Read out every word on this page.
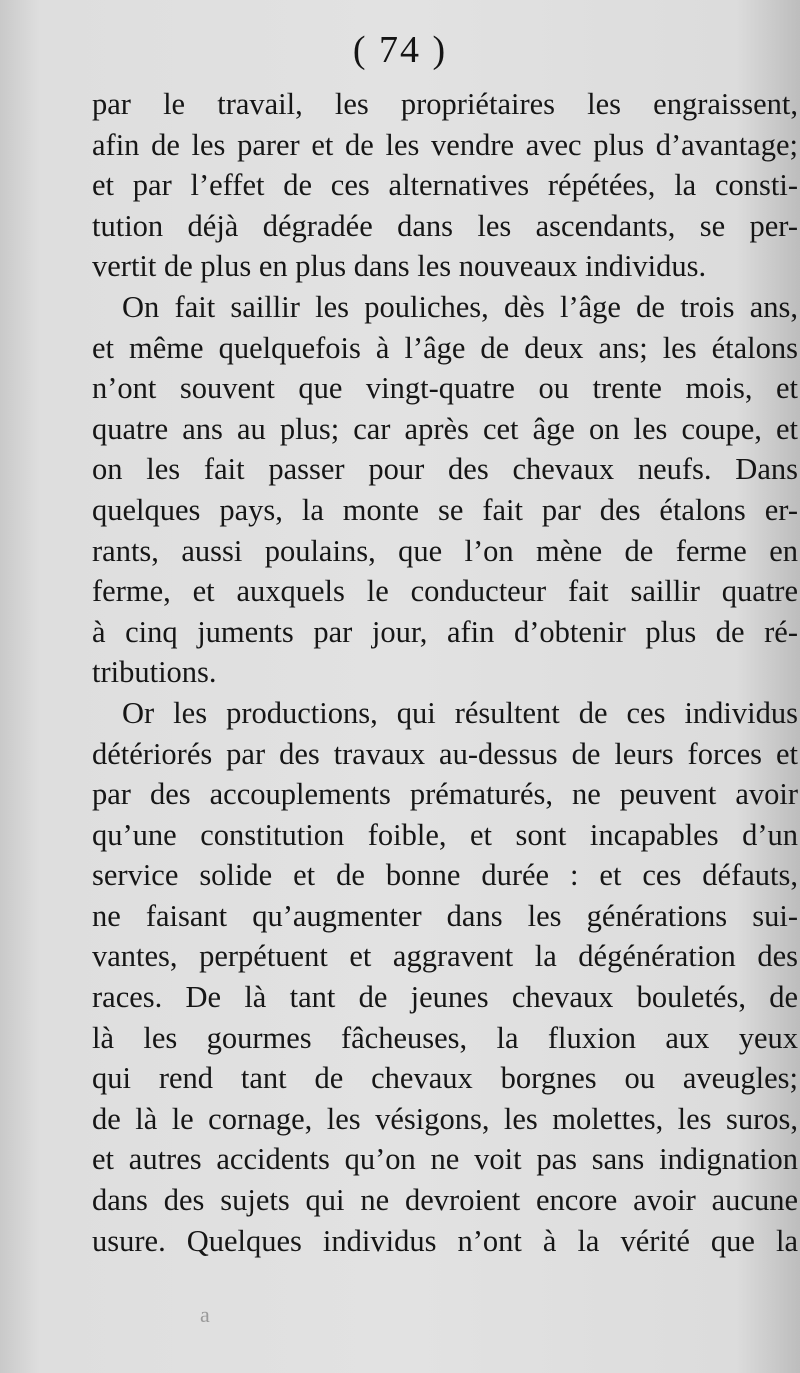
( 74 )
par le travail, les propriétaires les engraissent,
afin de les parer et de les vendre avec plus d’avantage;
et par l’effet de ces alternatives répétées, la consti-
tution déjà dégradée dans les ascendants, se per-
vertit de plus en plus dans les nouveaux individus.
On fait saillir les pouliches, dès l’âge de trois ans,
et même quelquefois à l’âge de deux ans; les étalons
n’ont souvent que vingt-quatre ou trente mois, et
quatre ans au plus; car après cet âge on les coupe, et
on les fait passer pour des chevaux neufs. Dans
quelques pays, la monte se fait par des étalons er-
rants, aussi poulains, que l’on mène de ferme en
ferme, et auxquels le conducteur fait saillir quatre
à cinq juments par jour, afin d’obtenir plus de ré-
tributions.
Or les productions, qui résultent de ces individus
détériorés par des travaux au-dessus de leurs forces et
par des accouplements prématurés, ne peuvent avoir
qu’une constitution foible, et sont incapables d’un
service solide et de bonne durée : et ces défauts,
ne faisant qu’augmenter dans les générations sui-
vantes, perpétuent et aggravent la dégénération des
races. De là tant de jeunes chevaux bouletés, de
là les gourmes fâcheuses, la fluxion aux yeux
qui rend tant de chevaux borgnes ou aveugles;
de là le cornage, les vésigons, les molettes, les suros,
et autres accidents qu’on ne voit pas sans indignation
dans des sujets qui ne devroient encore avoir aucune
usure. Quelques individus n’ont à la vérité que la
a
